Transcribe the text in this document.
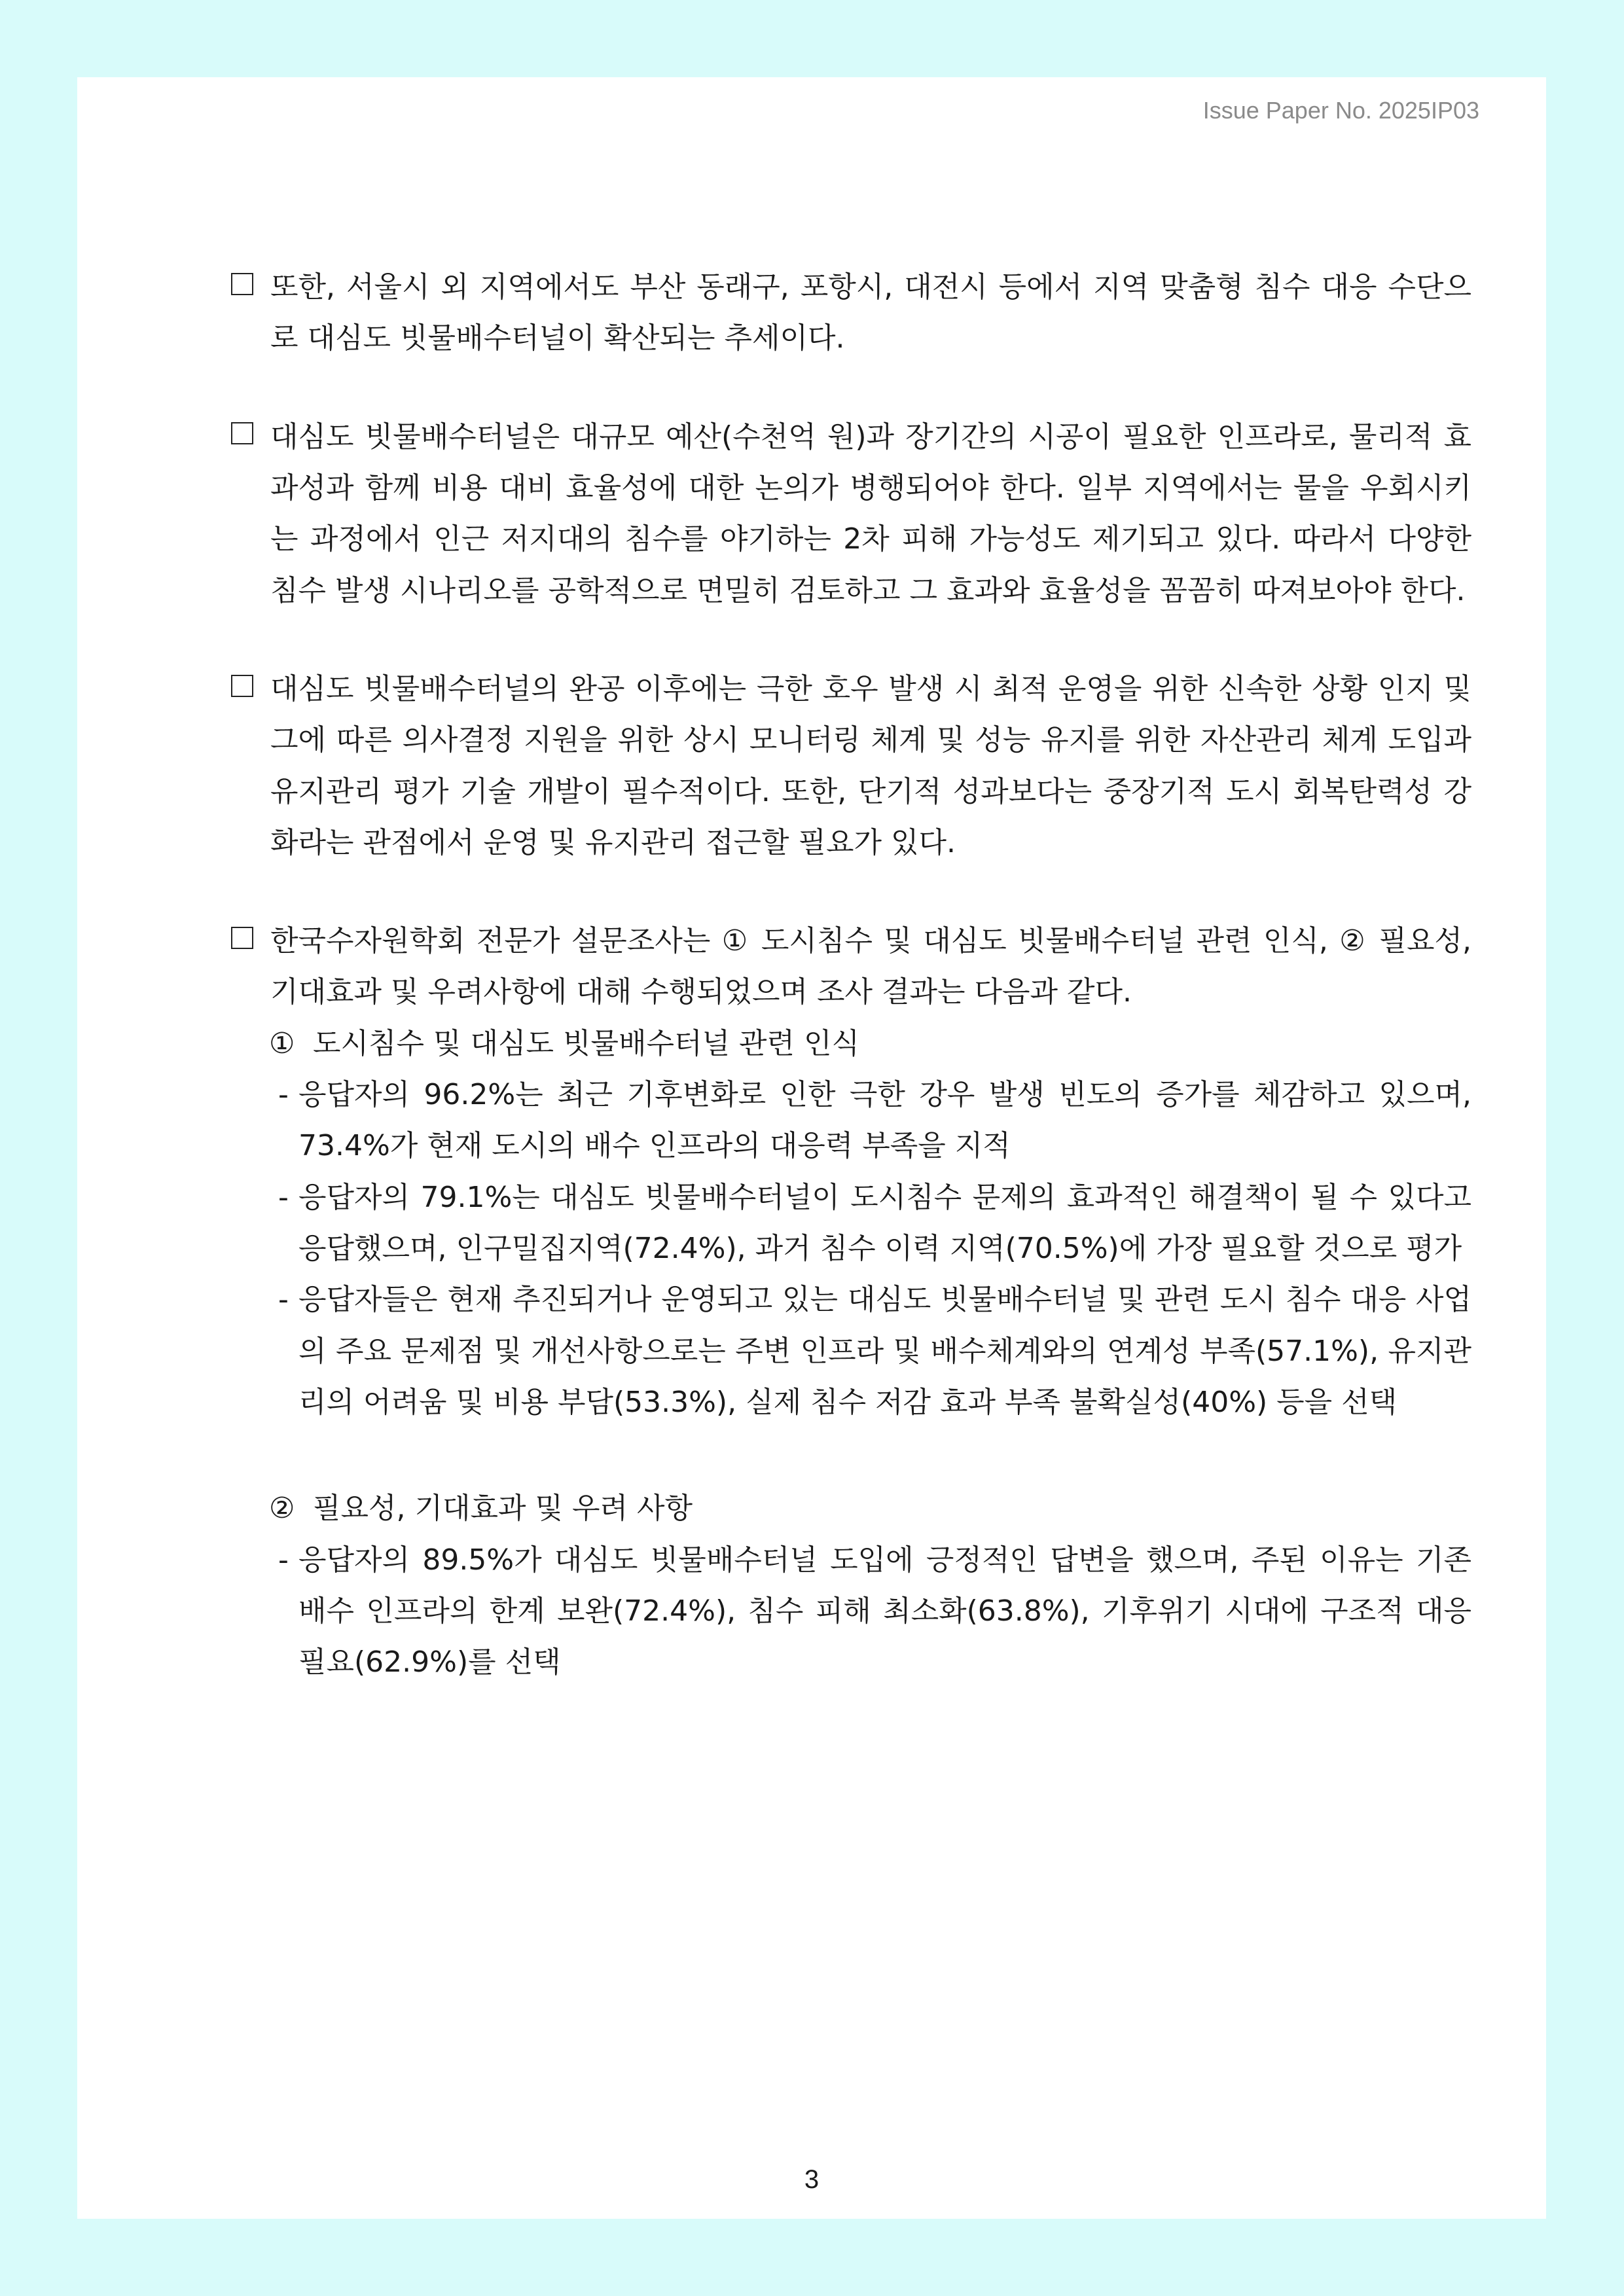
Issue Paper No. 2025IP03

또한, 서울시 외 지역에서도 부산 동래구, 포항시, 대전시 등에서 지역 맞춤형 침수 대응 수단으로 대심도 빗물배수터널이 확산되는 추세이다.

대심도 빗물배수터널은 대규모 예산(수천억 원)과 장기간의 시공이 필요한 인프라로, 물리적 효과성과 함께 비용 대비 효율성에 대한 논의가 병행되어야 한다. 일부 지역에서는 물을 우회시키는 과정에서 인근 저지대의 침수를 야기하는 2차 피해 가능성도 제기되고 있다. 따라서 다양한 침수 발생 시나리오를 공학적으로 면밀히 검토하고 그 효과와 효율성을 꼼꼼히 따져보아야 한다.

대심도 빗물배수터널의 완공 이후에는 극한 호우 발생 시 최적 운영을 위한 신속한 상황 인지 및 그에 따른 의사결정 지원을 위한 상시 모니터링 체계 및 성능 유지를 위한 자산관리 체계 도입과 유지관리 평가 기술 개발이 필수적이다. 또한, 단기적 성과보다는 중장기적 도시 회복탄력성 강화라는 관점에서 운영 및 유지관리 접근할 필요가 있다.

한국수자원학회 전문가 설문조사는 ① 도시침수 및 대심도 빗물배수터널 관련 인식, ② 필요성, 기대효과 및 우려사항에 대해 수행되었으며 조사 결과는 다음과 같다.

① 도시침수 및 대심도 빗물배수터널 관련 인식

- 응답자의 96.2%는 최근 기후변화로 인한 극한 강우 발생 빈도의 증가를 체감하고 있으며, 73.4%가 현재 도시의 배수 인프라의 대응력 부족을 지적

- 응답자의 79.1%는 대심도 빗물배수터널이 도시침수 문제의 효과적인 해결책이 될 수 있다고 응답했으며, 인구밀집지역(72.4%), 과거 침수 이력 지역(70.5%)에 가장 필요할 것으로 평가

- 응답자들은 현재 추진되거나 운영되고 있는 대심도 빗물배수터널 및 관련 도시 침수 대응 사업의 주요 문제점 및 개선사항으로는 주변 인프라 및 배수체계와의 연계성 부족(57.1%), 유지관리의 어려움 및 비용 부담(53.3%), 실제 침수 저감 효과 부족 불확실성(40%) 등을 선택

② 필요성, 기대효과 및 우려 사항

- 응답자의 89.5%가 대심도 빗물배수터널 도입에 긍정적인 답변을 했으며, 주된 이유는 기존 배수 인프라의 한계 보완(72.4%), 침수 피해 최소화(63.8%), 기후위기 시대에 구조적 대응 필요(62.9%)를 선택

3
